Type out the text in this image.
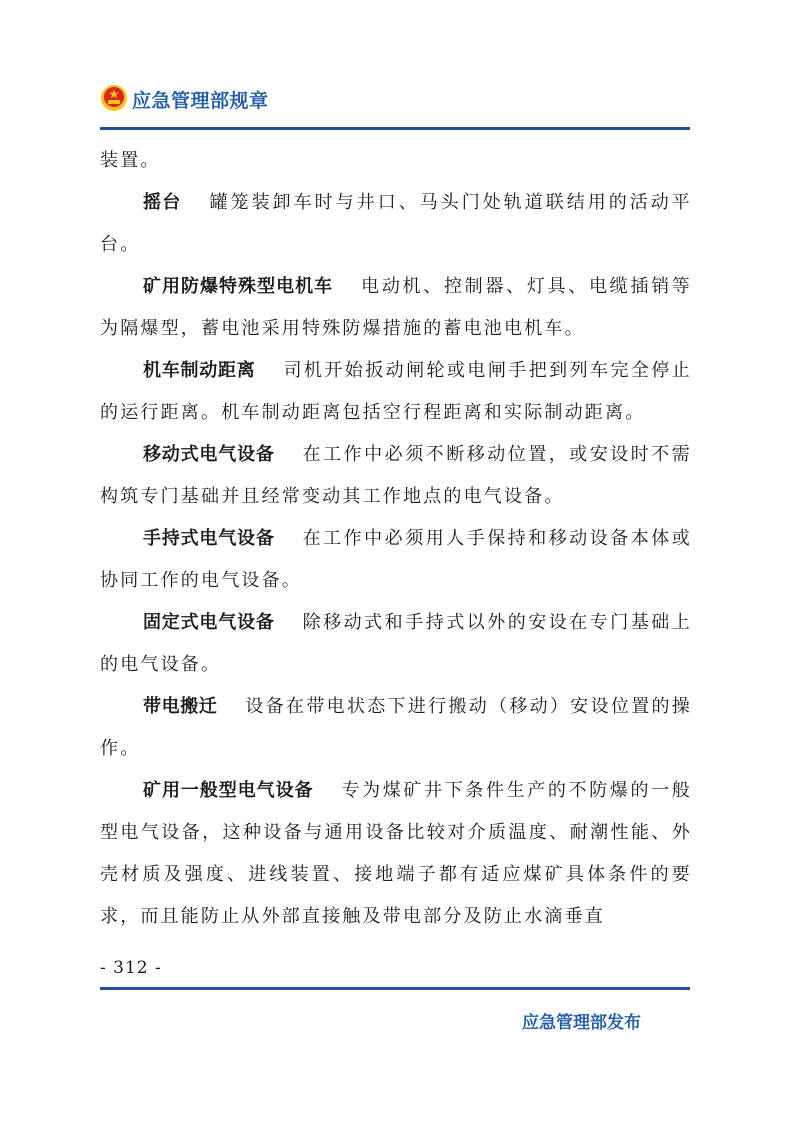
应急管理部规章

装置。

摇台 罐笼装卸车时与井口、马头门处轨道联结用的活动平台。

矿用防爆特殊型电机车 电动机、控制器、灯具、电缆插销等为隔爆型，蓄电池采用特殊防爆措施的蓄电池电机车。

机车制动距离 司机开始扳动闸轮或电闸手把到列车完全停止的运行距离。机车制动距离包括空行程距离和实际制动距离。

移动式电气设备 在工作中必须不断移动位置，或安设时不需构筑专门基础并且经常变动其工作地点的电气设备。

手持式电气设备 在工作中必须用人手保持和移动设备本体或协同工作的电气设备。

固定式电气设备 除移动式和手持式以外的安设在专门基础上的电气设备。

带电搬迁 设备在带电状态下进行搬动（移动）安设位置的操作。

矿用一般型电气设备 专为煤矿井下条件生产的不防爆的一般型电气设备，这种设备与通用设备比较对介质温度、耐潮性能、外壳材质及强度、进线装置、接地端子都有适应煤矿具体条件的要求，而且能防止从外部直接触及带电部分及防止水滴垂直

- 312 -
应急管理部发布
